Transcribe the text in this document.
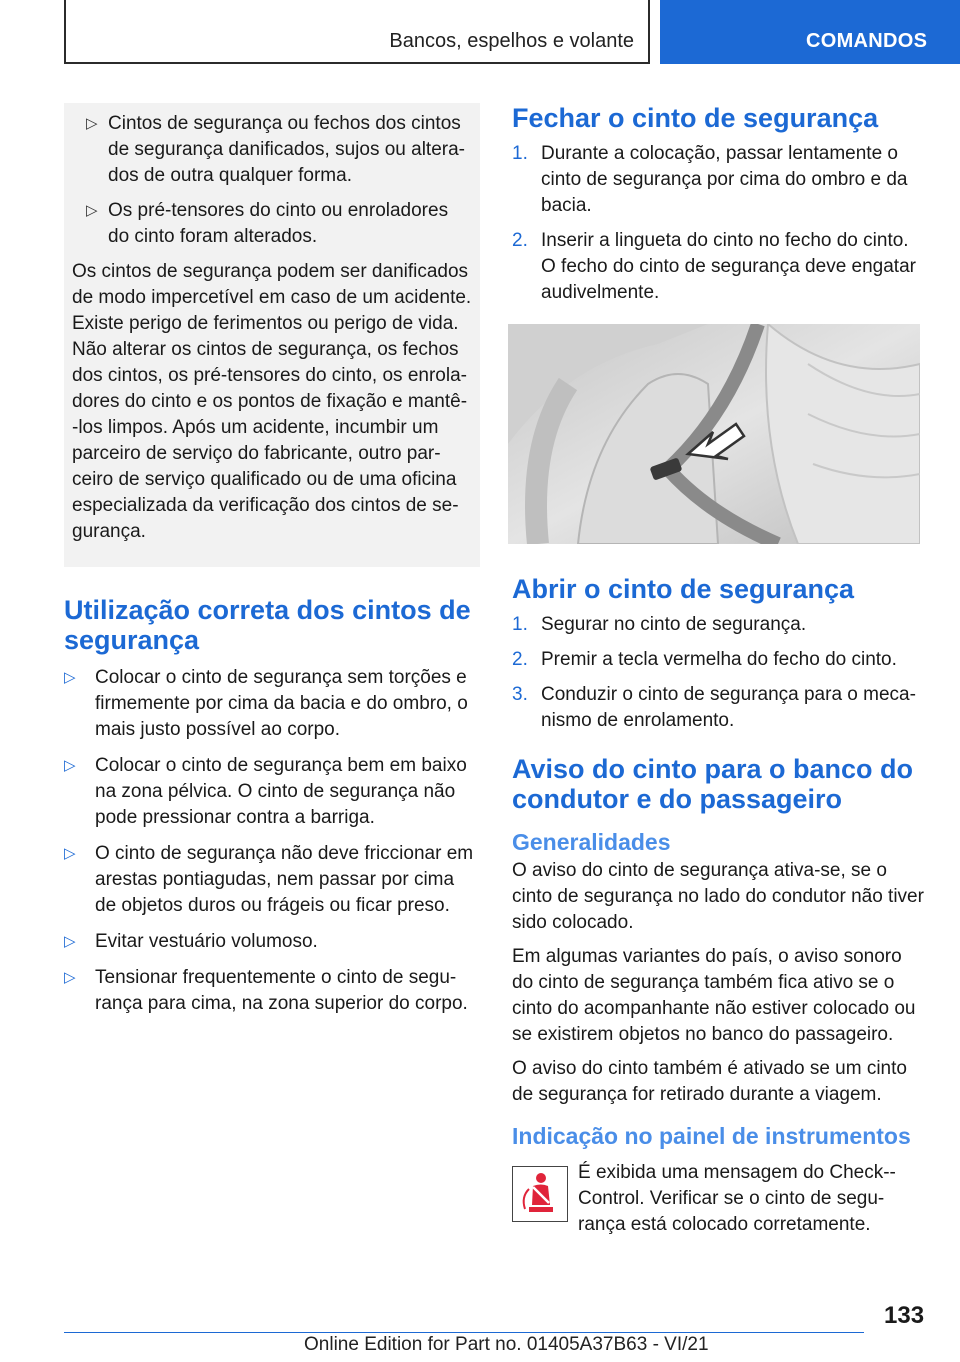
Bancos, espelhos e volante	COMANDOS
▷ Cintos de segurança ou fechos dos cintos de segurança danificados, sujos ou altera-dos de outra qualquer forma.
▷ Os pré-tensores do cinto ou enroladores do cinto foram alterados.

Os cintos de segurança podem ser danificados de modo impercetível em caso de um acidente. Existe perigo de ferimentos ou perigo de vida. Não alterar os cintos de segurança, os fechos dos cintos, os pré-tensores do cinto, os enrola-dores do cinto e os pontos de fixação e mantê--los limpos. Após um acidente, incumbir um parceiro de serviço do fabricante, outro par-ceiro de serviço qualificado ou de uma oficina especializada da verificação dos cintos de se-gurança.

Utilização correta dos cintos de segurança
▷ Colocar o cinto de segurança sem torções e firmemente por cima da bacia e do ombro, o mais justo possível ao corpo.
▷ Colocar o cinto de segurança bem em baixo na zona pélvica. O cinto de segurança não pode pressionar contra a barriga.
▷ O cinto de segurança não deve friccionar em arestas pontiagudas, nem passar por cima de objetos duros ou frágeis ou ficar preso.
▷ Evitar vestuário volumoso.
▷ Tensionar frequentemente o cinto de segu-rança para cima, na zona superior do corpo.
Fechar o cinto de segurança
1. Durante a colocação, passar lentamente o cinto de segurança por cima do ombro e da bacia.
2. Inserir a lingueta do cinto no fecho do cinto. O fecho do cinto de segurança deve engatar audivelmente.
Abrir o cinto de segurança
1. Segurar no cinto de segurança.
2. Premir a tecla vermelha do fecho do cinto.
3. Conduzir o cinto de segurança para o meca-nismo de enrolamento.
Aviso do cinto para o banco do condutor e do passageiro
Generalidades

O aviso do cinto de segurança ativa-se, se o cinto de segurança no lado do condutor não tiver sido colocado.

Em algumas variantes do país, o aviso sonoro do cinto de segurança também fica ativo se o cinto do acompanhante não estiver colocado ou se existirem objetos no banco do passageiro.

O aviso do cinto também é ativado se um cinto de segurança for retirado durante a viagem.

Indicação no painel de instrumentos
É exibida uma mensagem do Check--Control. Verificar se o cinto de segu-rança está colocado corretamente.
133
Online Edition for Part no. 01405A37B63 - VI/21
